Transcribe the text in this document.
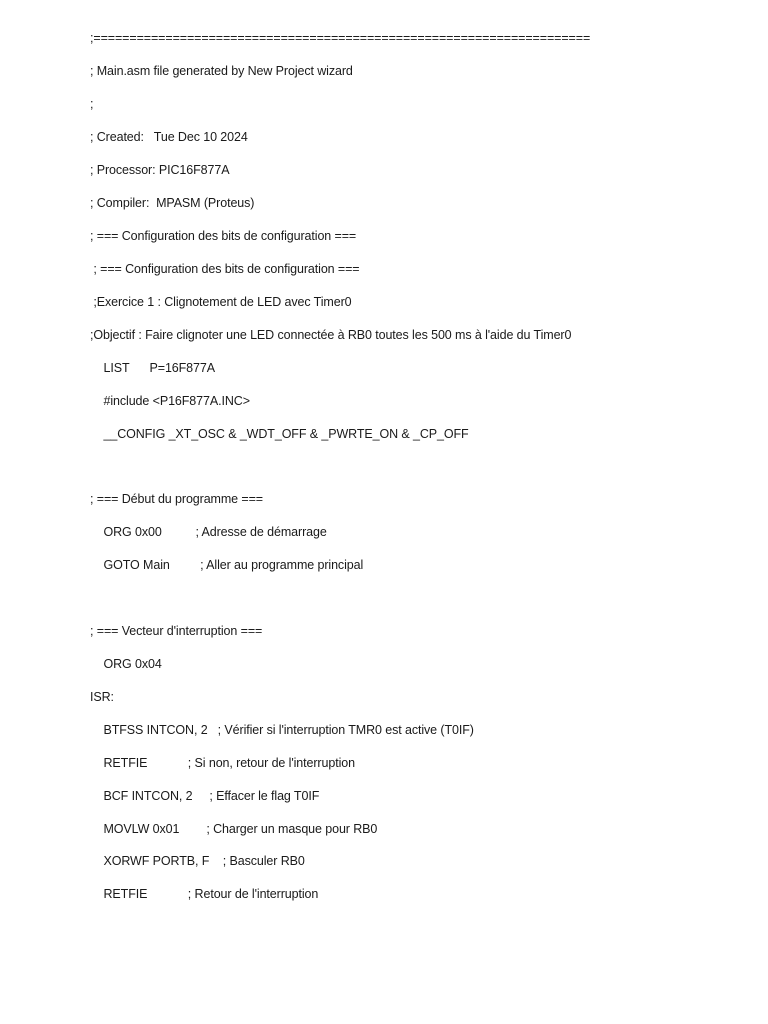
;=====================================================================
; Main.asm file generated by New Project wizard
;
; Created:   Tue Dec 10 2024
; Processor: PIC16F877A
; Compiler:  MPASM (Proteus)
; === Configuration des bits de configuration ===
; === Configuration des bits de configuration ===
;Exercice 1 : Clignotement de LED avec Timer0
;Objectif : Faire clignoter une LED connectée à RB0 toutes les 500 ms à l'aide du Timer0
LIST      P=16F877A
#include <P16F877A.INC>
__CONFIG _XT_OSC & _WDT_OFF & _PWRTE_ON & _CP_OFF
; === Début du programme ===
ORG 0x00          ; Adresse de démarrage
GOTO Main         ; Aller au programme principal
; === Vecteur d'interruption ===
ORG 0x04
ISR:
BTFSS INTCON, 2   ; Vérifier si l'interruption TMR0 est active (T0IF)
RETFIE            ; Si non, retour de l'interruption
BCF INTCON, 2     ; Effacer le flag T0IF
MOVLW 0x01        ; Charger un masque pour RB0
XORWF PORTB, F    ; Basculer RB0
RETFIE            ; Retour de l'interruption
